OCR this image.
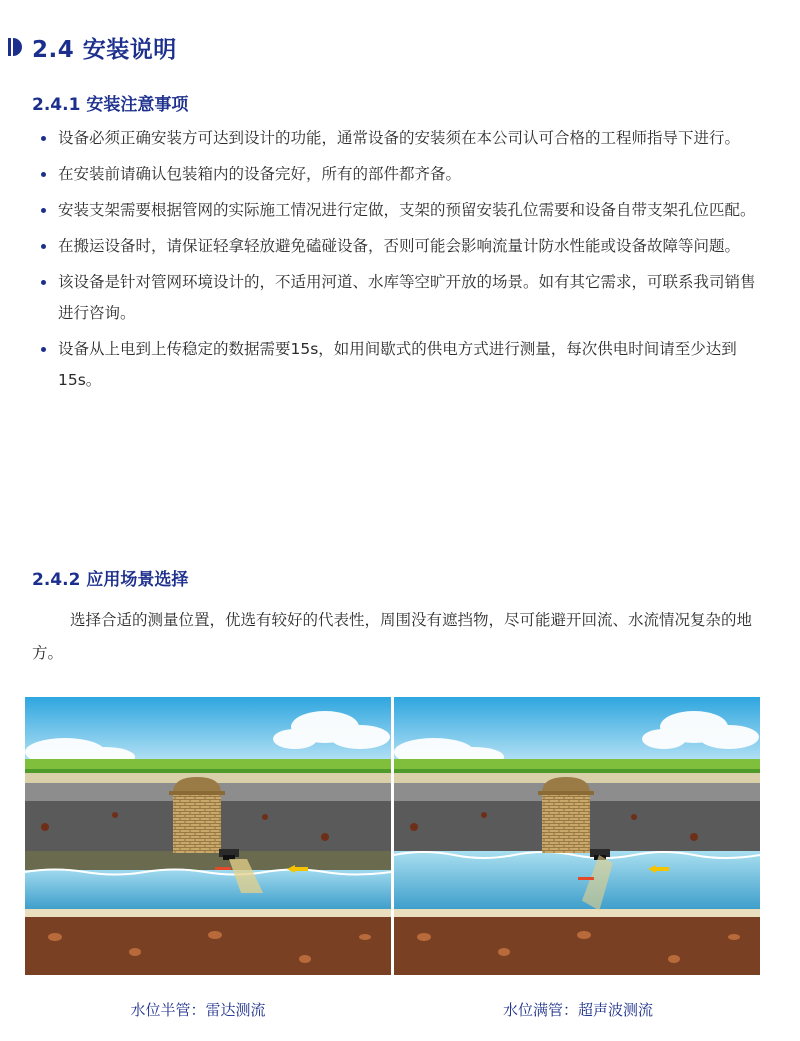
2.4 安装说明
2.4.1 安装注意事项
设备必须正确安装方可达到设计的功能，通常设备的安装须在本公司认可合格的工程师指导下进行。
在安装前请确认包装箱内的设备完好，所有的部件都齐备。
安装支架需要根据管网的实际施工情况进行定做，支架的预留安装孔位需要和设备自带支架孔位匹配。
在搬运设备时，请保证轻拿轻放避免磕碰设备，否则可能会影响流量计防水性能或设备故障等问题。
该设备是针对管网环境设计的，不适用河道、水库等空旷开放的场景。如有其它需求，可联系我司销售进行咨询。
设备从上电到上传稳定的数据需要15s，如用间歇式的供电方式进行测量，每次供电时间请至少达到15s。
2.4.2 应用场景选择

选择合适的测量位置，优选有较好的代表性，周围没有遮挡物，尽可能避开回流、水流情况复杂的地方。

水位半管：雷达测流	水位满管：超声波测流
